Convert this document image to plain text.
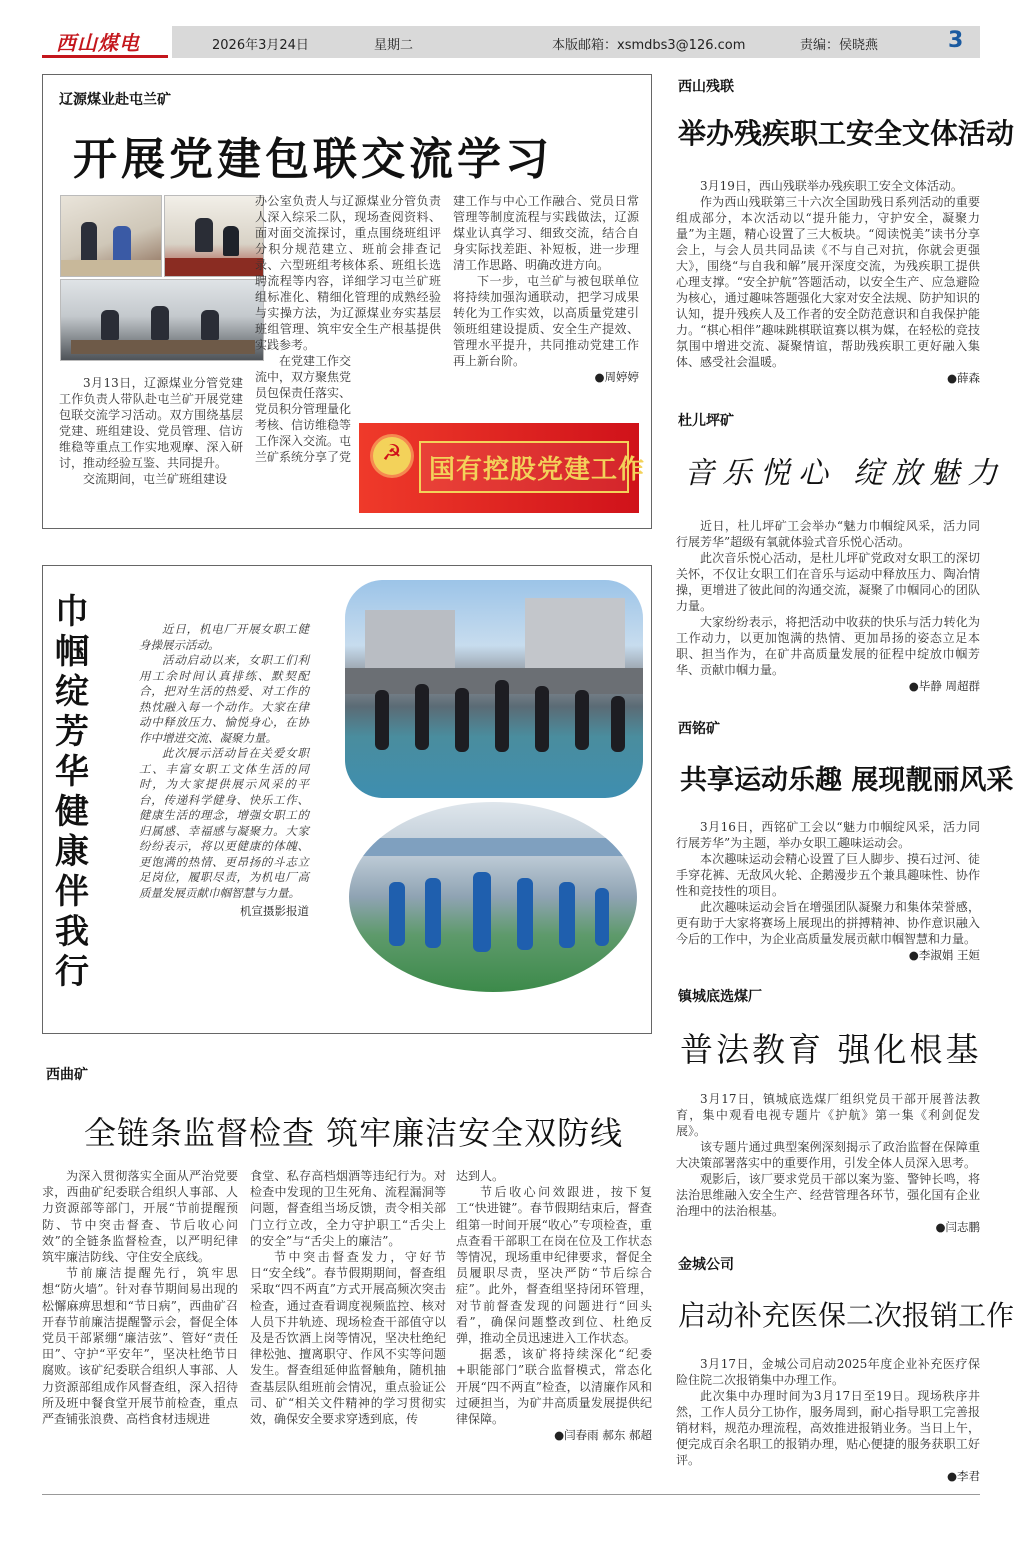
西山煤电	2026年3月24日	星期二	本版邮箱：xsmdbs3@126.com	责编：侯晓燕	3
辽源煤业赴屯兰矿
开展党建包联交流学习

3月13日，辽源煤业分管党建工作负责人带队赴屯兰矿开展党建包联交流学习活动。双方围绕基层党建、班组建设、党员管理、信访维稳等重点工作实地观摩、深入研讨，推动经验互鉴、共同提升。

交流期间，屯兰矿班组建设

办公室负责人与辽源煤业分管负责人深入综采二队，现场查阅资料、面对面交流探讨，重点围绕班组评分积分规范建立、班前会排查记录、六型班组考核体系、班组长选聘流程等内容，详细学习屯兰矿班组标准化、精细化管理的成熟经验与实操方法，为辽源煤业夯实基层班组管理、筑牢安全生产根基提供实践参考。

在党建工作交流中，双方聚焦党员包保责任落实、党员积分管理量化考核、信访维稳等工作深入交流。屯兰矿系统分享了党

建工作与中心工作融合、党员日常管理等制度流程与实践做法，辽源煤业认真学习、细致交流，结合自身实际找差距、补短板，进一步理清工作思路、明确改进方向。

下一步，屯兰矿与被包联单位将持续加强沟通联动，把学习成果转化为工作实效，以高质量党建引领班组建设提质、安全生产提效、管理水平提升，共同推动党建工作再上新台阶。

●周婷婷
☭
国有控股党建工作
巾帼绽芳华 健康伴我行

近日，机电厂开展女职工健身操展示活动。

活动启动以来，女职工们利用工余时间认真排练、默契配合，把对生活的热爱、对工作的热忱融入每一个动作。大家在律动中释放压力、愉悦身心，在协作中增进交流、凝聚力量。

此次展示活动旨在关爱女职工、丰富女职工文体生活的同时，为大家提供展示风采的平台，传递科学健身、快乐工作、健康生活的理念，增强女职工的归属感、幸福感与凝聚力。大家纷纷表示，将以更健康的体魄、更饱满的热情、更昂扬的斗志立足岗位，履职尽责，为机电厂高质量发展贡献巾帼智慧与力量。

机宣摄影报道
西曲矿
全链条监督检查 筑牢廉洁安全双防线

为深入贯彻落实全面从严治党要求，西曲矿纪委联合组织人事部、人力资源部等部门，开展“节前提醒预防、节中突击督查、节后收心问效”的全链条监督检查，以严明纪律筑牢廉洁防线、守住安全底线。

节前廉洁提醒先行，筑牢思想“防火墙”。针对春节期间易出现的松懈麻痹思想和“节日病”，西曲矿召开春节前廉洁提醒警示会，督促全体党员干部紧绷“廉洁弦”、管好“责任田”、守护“平安年”，坚决杜绝节日腐败。该矿纪委联合组织人事部、人力资源部组成作风督查组，深入招待所及班中餐食堂开展节前检查，重点严查铺张浪费、高档食材违规进

食堂、私存高档烟酒等违纪行为。对检查中发现的卫生死角、流程漏洞等问题，督查组当场反馈，责令相关部门立行立改，全力守护职工“舌尖上的安全”与“舌尖上的廉洁”。

节中突击督查发力，守好节日“安全线”。春节假期期间，督查组采取“四不两直”方式开展高频次突击检查，通过查看调度视频监控、核对人员下井轨迹、现场检查干部值守以及是否饮酒上岗等情况，坚决杜绝纪律松弛、擅离职守、作风不实等问题发生。督查组延伸监督触角，随机抽查基层队组班前会情况，重点验证公司、矿“相关文件精神的学习贯彻实效，确保安全要求穿透到底，传

达到人。

节后收心问效跟进，按下复工“快进键”。春节假期结束后，督查组第一时间开展“收心”专项检查，重点查看干部职工在岗在位及工作状态等情况，现场重申纪律要求，督促全员履职尽责，坚决严防“节后综合症”。此外，督查组坚持闭环管理，对节前督查发现的问题进行“回头看”，确保问题整改到位、杜绝反弹，推动全员迅速进入工作状态。

据悉，该矿将持续深化“纪委+职能部门”联合监督模式，常态化开展“四不两直”检查，以清廉作风和过硬担当，为矿井高质量发展提供纪律保障。

●闫春雨 郝东 郝超
西山残联
举办残疾职工安全文体活动

3月19日，西山残联举办残疾职工安全文体活动。

作为西山残联第三十六次全国助残日系列活动的重要组成部分，本次活动以“提升能力，守护安全，凝聚力量”为主题，精心设置了三大板块。“阅读悦美”读书分享会上，与会人员共同品读《不与自己对抗，你就会更强大》，围绕“与自我和解”展开深度交流，为残疾职工提供心理支撑。“安全护航”答题活动，以安全生产、应急避险为核心，通过趣味答题强化大家对安全法规、防护知识的认知，提升残疾人及工作者的安全防范意识和自我保护能力。“棋心相伴”趣味跳棋联谊赛以棋为媒，在轻松的竞技氛围中增进交流、凝聚情谊，帮助残疾职工更好融入集体、感受社会温暖。

●薛森
杜儿坪矿
音乐悦心 绽放魅力

近日，杜儿坪矿工会举办“魅力巾帼绽风采，活力同行展芳华”超级有氧就体验式音乐悦心活动。

此次音乐悦心活动，是杜儿坪矿党政对女职工的深切关怀，不仅让女职工们在音乐与运动中释放压力、陶冶情操，更增进了彼此间的沟通交流，凝聚了巾帼同心的团队力量。

大家纷纷表示，将把活动中收获的快乐与活力转化为工作动力，以更加饱满的热情、更加昂扬的姿态立足本职、担当作为，在矿井高质量发展的征程中绽放巾帼芳华、贡献巾帼力量。

●毕静 周超群
西铭矿
共享运动乐趣 展现靓丽风采

3月16日，西铭矿工会以“魅力巾帼绽风采，活力同行展芳华”为主题，举办女职工趣味运动会。

本次趣味运动会精心设置了巨人脚步、摸石过河、徒手穿花裤、无敌风火轮、企鹅漫步五个兼具趣味性、协作性和竞技性的项目。

此次趣味运动会旨在增强团队凝聚力和集体荣誉感，更有助于大家将赛场上展现出的拼搏精神、协作意识融入今后的工作中，为企业高质量发展贡献巾帼智慧和力量。

●李淑娟 王姮
镇城底选煤厂
普法教育 强化根基

3月17日，镇城底选煤厂组织党员干部开展普法教育，集中观看电视专题片《护航》第一集《利剑促发展》。

该专题片通过典型案例深刻揭示了政治监督在保障重大决策部署落实中的重要作用，引发全体人员深入思考。

观影后，该厂要求党员干部以案为鉴、警钟长鸣，将法治思维融入安全生产、经营管理各环节，强化国有企业治理中的法治根基。

●闫志鹏
金城公司
启动补充医保二次报销工作

3月17日，金城公司启动2025年度企业补充医疗保险住院二次报销集中办理工作。

此次集中办理时间为3月17日至19日。现场秩序井然，工作人员分工协作，服务周到，耐心指导职工完善报销材料，规范办理流程，高效推进报销业务。当日上午，便完成百余名职工的报销办理，贴心便捷的服务获职工好评。

●李君
